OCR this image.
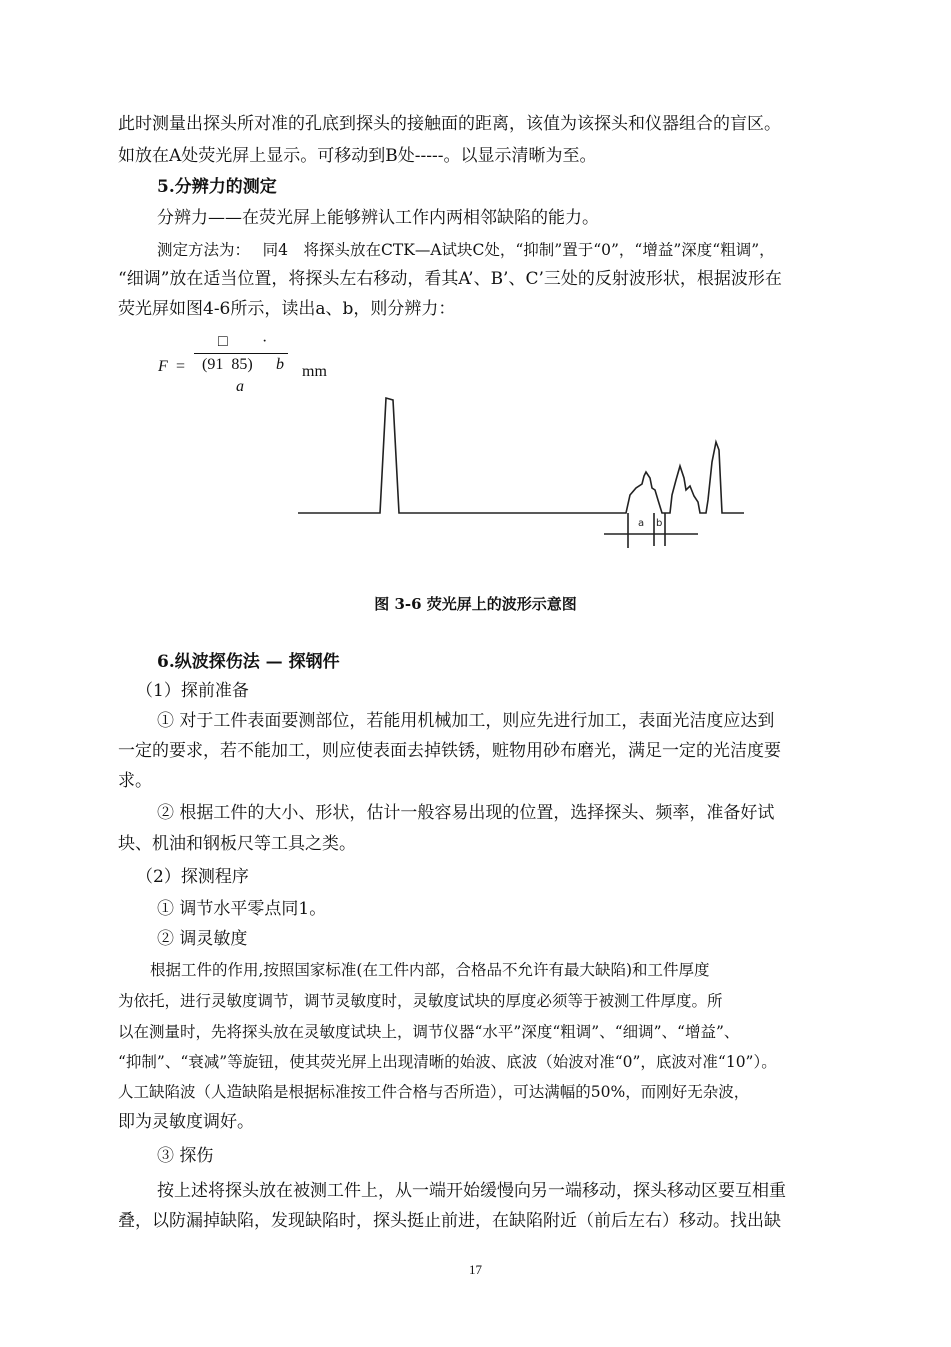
此时测量出探头所对准的孔底到探头的接触面的距离，该值为该探头和仪器组合的盲区。
如放在A处荧光屏上显示。可移动到B处-----。以显示清晰为至。
5.分辨力的测定
分辨力——在荧光屏上能够辨认工作内两相邻缺陷的能力。
测定方法为：　 同4　将探头放在CTK—A试块C处，“抑制”置于“0”，“增益”深度“粗调”，
“细调”放在适当位置，将探头左右移动，看其A’、B’、C’三处的反射波形状，根据波形在
荧光屏如图4-6所示，读出a、b，则分辨力：
□ ·
F = (91  85) b
a
mm
a b
图 3-6 荧光屏上的波形示意图
6.纵波探伤法 — 探钢件
（1）探前准备
① 对于工件表面要测部位，若能用机械加工，则应先进行加工，表面光洁度应达到
一定的要求，若不能加工，则应使表面去掉铁锈，赃物用砂布磨光，满足一定的光洁度要
求。
② 根据工件的大小、形状，估计一般容易出现的位置，选择探头、频率，准备好试
块、机油和钢板尺等工具之类。
（2）探测程序
① 调节水平零点同1。
② 调灵敏度
根据工件的作用,按照国家标准(在工件内部，合格品不允许有最大缺陷)和工件厚度
为依托，进行灵敏度调节，调节灵敏度时，灵敏度试块的厚度必须等于被测工件厚度。所
以在测量时，先将探头放在灵敏度试块上，调节仪器“水平”深度“粗调”、“细调”、“增益”、
“抑制”、“衰减”等旋钮，使其荧光屏上出现清晰的始波、底波（始波对准“0”，底波对准“10”）。
人工缺陷波（人造缺陷是根据标准按工件合格与否所造），可达满幅的50%，而刚好无杂波，
即为灵敏度调好。
③ 探伤
按上述将探头放在被测工件上，从一端开始缓慢向另一端移动，探头移动区要互相重
叠，以防漏掉缺陷，发现缺陷时，探头挺止前进，在缺陷附近（前后左右）移动。找出缺
17
